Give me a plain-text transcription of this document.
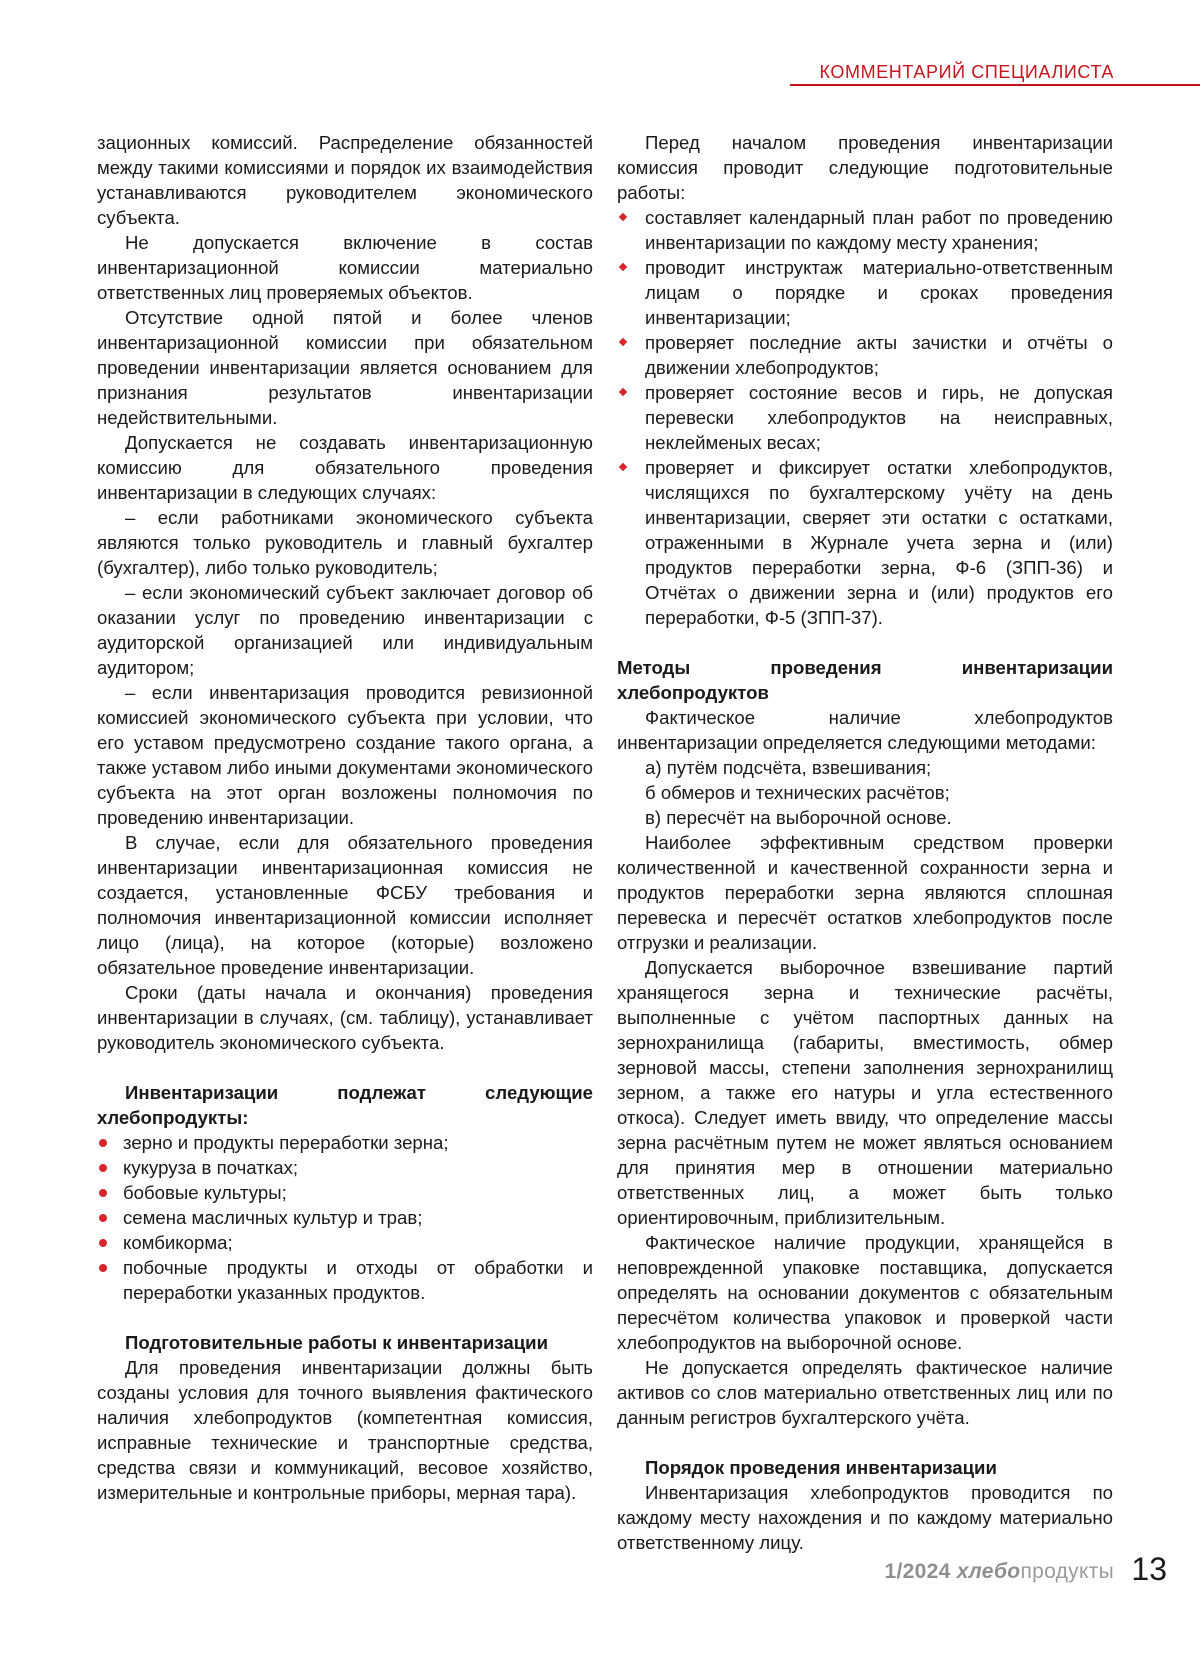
КОММЕНТАРИЙ СПЕЦИАЛИСТА

зационных комиссий. Распределение обязанностей между такими комиссиями и порядок их взаимодействия устанавливаются руководителем экономического субъекта.

Не допускается включение в состав инвентаризационной комиссии материально ответственных лиц проверяемых объектов.

Отсутствие одной пятой и более членов инвентаризационной комиссии при обязательном проведении инвентаризации является основанием для признания результатов инвентаризации недействительными.

Допускается не создавать инвентаризационную комиссию для обязательного проведения инвентаризации в следующих случаях:

– если работниками экономического субъекта являются только руководитель и главный бухгалтер (бухгалтер), либо только руководитель;

– если экономический субъект заключает договор об оказании услуг по проведению инвентаризации с аудиторской организацией или индивидуальным аудитором;

– если инвентаризация проводится ревизионной комиссией экономического субъекта при условии, что его уставом предусмотрено создание такого органа, а также уставом либо иными документами экономического субъекта на этот орган возложены полномочия по проведению инвентаризации.

В случае, если для обязательного проведения инвентаризации инвентаризационная комиссия не создается, установленные ФСБУ требования и полномочия инвентаризационной комиссии исполняет лицо (лица), на которое (которые) возложено обязательное проведение инвентаризации.

Сроки (даты начала и окончания) проведения инвентаризации в случаях, (см. таблицу), устанавливает руководитель экономического субъекта.

Инвентаризации подлежат следующие хлебопродукты:

зерно и продукты переработки зерна;
кукуруза в початках;
бобовые культуры;
семена масличных культур и трав;
комбикорма;
побочные продукты и отходы от обработки и переработки указанных продуктов.

Подготовительные работы к инвентаризации

Для проведения инвентаризации должны быть созданы условия для точного выявления фактического наличия хлебопродуктов (компетентная комиссия, исправные технические и транспортные средства, средства связи и коммуникаций, весовое хозяйство, измерительные и контрольные приборы, мерная тара).

Перед началом проведения инвентаризации комиссия проводит следующие подготовительные работы:

составляет календарный план работ по проведению инвентаризации по каждому месту хранения;
проводит инструктаж материально-ответственным лицам о порядке и сроках проведения инвентаризации;
проверяет последние акты зачистки и отчёты о движении хлебопродуктов;
проверяет состояние весов и гирь, не допуская перевески хлебопродуктов на неисправных, неклейменых весах;
проверяет и фиксирует остатки хлебопродуктов, числящихся по бухгалтерскому учёту на день инвентаризации, сверяет эти остатки с остатками, отраженными в Журнале учета зерна и (или) продуктов переработки зерна, Ф-6 (ЗПП-36) и Отчётах о движении зерна и (или) продуктов его переработки, Ф-5 (ЗПП-37).

Методы проведения инвентаризации хлебопродуктов

Фактическое наличие хлебопродуктов инвентаризации определяется следующими методами:

а) путём подсчёта, взвешивания;

б обмеров и технических расчётов;

в) пересчёт на выборочной основе.

Наиболее эффективным средством проверки количественной и качественной сохранности зерна и продуктов переработки зерна являются сплошная перевеска и пересчёт остатков хлебопродуктов после отгрузки и реализации.

Допускается выборочное взвешивание партий хранящегося зерна и технические расчёты, выполненные с учётом паспортных данных на зернохранилища (габариты, вместимость, обмер зерновой массы, степени заполнения зернохранилищ зерном, а также его натуры и угла естественного откоса). Следует иметь ввиду, что определение массы зерна расчётным путем не может являться основанием для принятия мер в отношении материально ответственных лиц, а может быть только ориентировочным, приблизительным.

Фактическое наличие продукции, хранящейся в неповрежденной упаковке поставщика, допускается определять на основании документов с обязательным пересчётом количества упаковок и проверкой части хлебопродуктов на выборочной основе.

Не допускается определять фактическое наличие активов со слов материально ответственных лиц или по данным регистров бухгалтерского учёта.

Порядок проведения инвентаризации

Инвентаризация хлебопродуктов проводится по каждому месту нахождения и по каждому материально ответственному лицу.

1/2024 хлебопродукты 13
